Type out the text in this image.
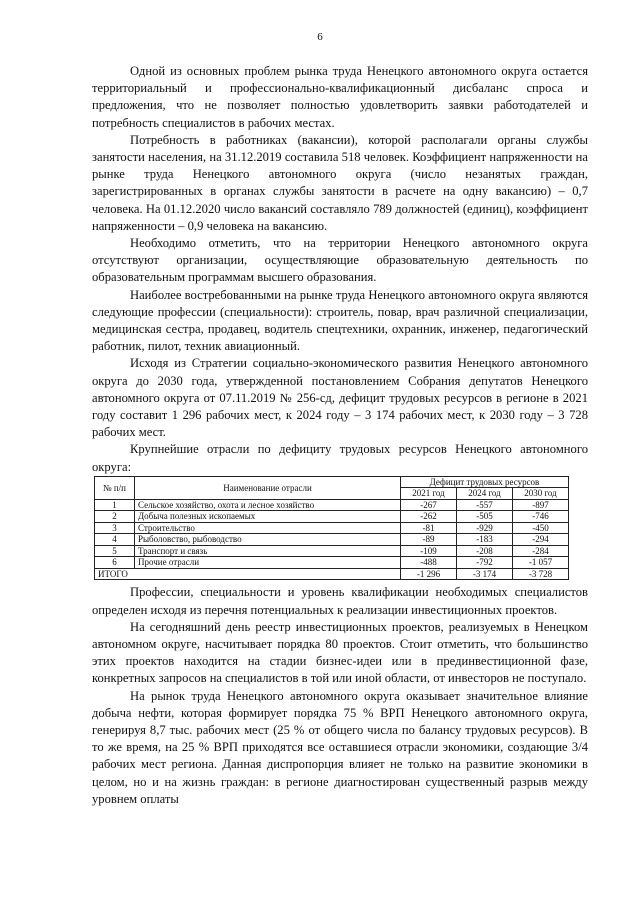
6

Одной из основных проблем рынка труда Ненецкого автономного округа остается территориальный и профессионально-квалификационный дисбаланс спроса и предложения, что не позволяет полностью удовлетворить заявки работодателей и потребность специалистов в рабочих местах.

Потребность в работниках (вакансии), которой располагали органы службы занятости населения, на 31.12.2019 составила 518 человек. Коэффициент напряженности на рынке труда Ненецкого автономного округа (число незанятых граждан, зарегистрированных в органах службы занятости в расчете на одну вакансию) – 0,7 человека. На 01.12.2020 число вакансий составляло 789 должностей (единиц), коэффициент напряженности – 0,9 человека на вакансию.

Необходимо отметить, что на территории Ненецкого автономного округа отсутствуют организации, осуществляющие образовательную деятельность по образовательным программам высшего образования.

Наиболее востребованными на рынке труда Ненецкого автономного округа являются следующие профессии (специальности): строитель, повар, врач различной специализации, медицинская сестра, продавец, водитель спецтехники, охранник, инженер, педагогический работник, пилот, техник авиационный.

Исходя из Стратегии социально-экономического развития Ненецкого автономного округа до 2030 года, утвержденной постановлением Собрания депутатов Ненецкого автономного округа от 07.11.2019 № 256-сд, дефицит трудовых ресурсов в регионе в 2021 году составит 1 296 рабочих мест, к 2024 году – 3 174 рабочих мест, к 2030 году – 3 728 рабочих мест.

Крупнейшие отрасли по дефициту трудовых ресурсов Ненецкого автономного округа:

№ п/п	Наименование отрасли	Дефицит трудовых ресурсов		
		2021 год	2024 год	2030 год
1	Сельское хозяйство, охота и лесное хозяйство	-267	-557	-897
2	Добыча полезных ископаемых	-262	-505	-746
3	Строительство	-81	-929	-450
4	Рыболовство, рыбоводство	-89	-183	-294
5	Транспорт и связь	-109	-208	-284
6	Прочие отрасли	-488	-792	-1 057
ИТОГО		-1 296	-3 174	-3 728

Профессии, специальности и уровень квалификации необходимых специалистов определен исходя из перечня потенциальных к реализации инвестиционных проектов.

На сегодняшний день реестр инвестиционных проектов, реализуемых в Ненецком автономном округе, насчитывает порядка 80 проектов. Стоит отметить, что большинство этих проектов находится на стадии бизнес-идеи или в прединвестиционной фазе, конкретных запросов на специалистов в той или иной области, от инвесторов не поступало.

На рынок труда Ненецкого автономного округа оказывает значительное влияние добыча нефти, которая формирует порядка 75 % ВРП Ненецкого автономного округа, генерируя 8,7 тыс. рабочих мест (25 % от общего числа по балансу трудовых ресурсов). В то же время, на 25 % ВРП приходятся все оставшиеся отрасли экономики, создающие 3/4 рабочих мест региона. Данная диспропорция влияет не только на развитие экономики в целом, но и на жизнь граждан: в регионе диагностирован существенный разрыв между уровнем оплаты
